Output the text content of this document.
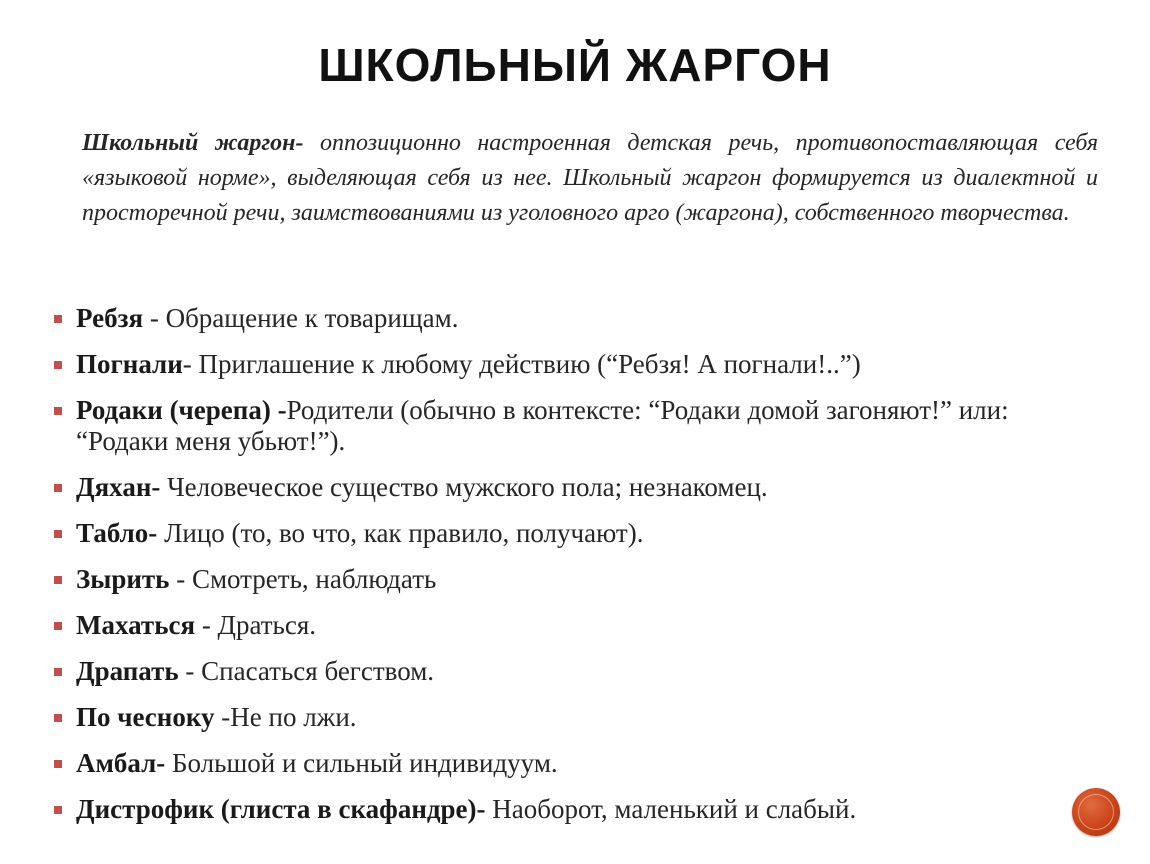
ШКОЛЬНЫЙ ЖАРГОН

Школьный жаргон- оппозиционно настроенная детская речь, противопоставляющая себя «языковой норме», выделяющая себя из нее. Школьный жаргон формируется из диалектной и просторечной речи, заимствованиями из уголовного арго (жаргона), собственного творчества.

Ребзя - Обращение к товарищам.
Погнали- Приглашение к любому действию (“Ребзя! А погнали!..”)
Родаки (черепа) -Родители (обычно в контексте: “Родаки домой загоняют!” или: “Родаки меня убьют!”).
Дяхан- Человеческое существо мужского пола; незнакомец.
Табло- Лицо (то, во что, как правило, получают).
Зырить - Смотреть, наблюдать
Махаться - Драться.
Драпать - Спасаться бегством.
По чесноку -Не по лжи.
Амбал- Большой и сильный индивидуум.
Дистрофик (глиста в скафандре)- Наоборот, маленький и слабый.
